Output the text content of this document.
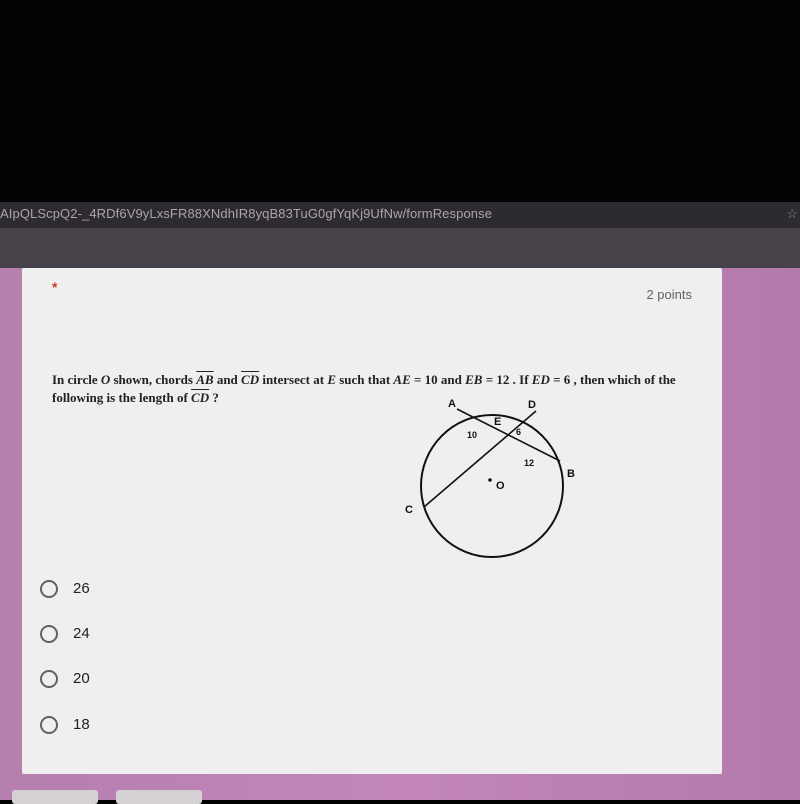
AIpQLScpQ2-_4RDf6V9yLxsFR88XNdhIR8yqB83TuG0gfYqKj9UfNw/formResponse	☆
*	2 points
In circle O shown, chords $\overline{AB}$ and $\overline{CD}$ intersect at E such that AE = 10 and EB = 12 . If ED = 6 , then which of the following is the length of $\overline{CD}$ ?	A	D
E
B
C
O
10	6
12
26
24
20
18
